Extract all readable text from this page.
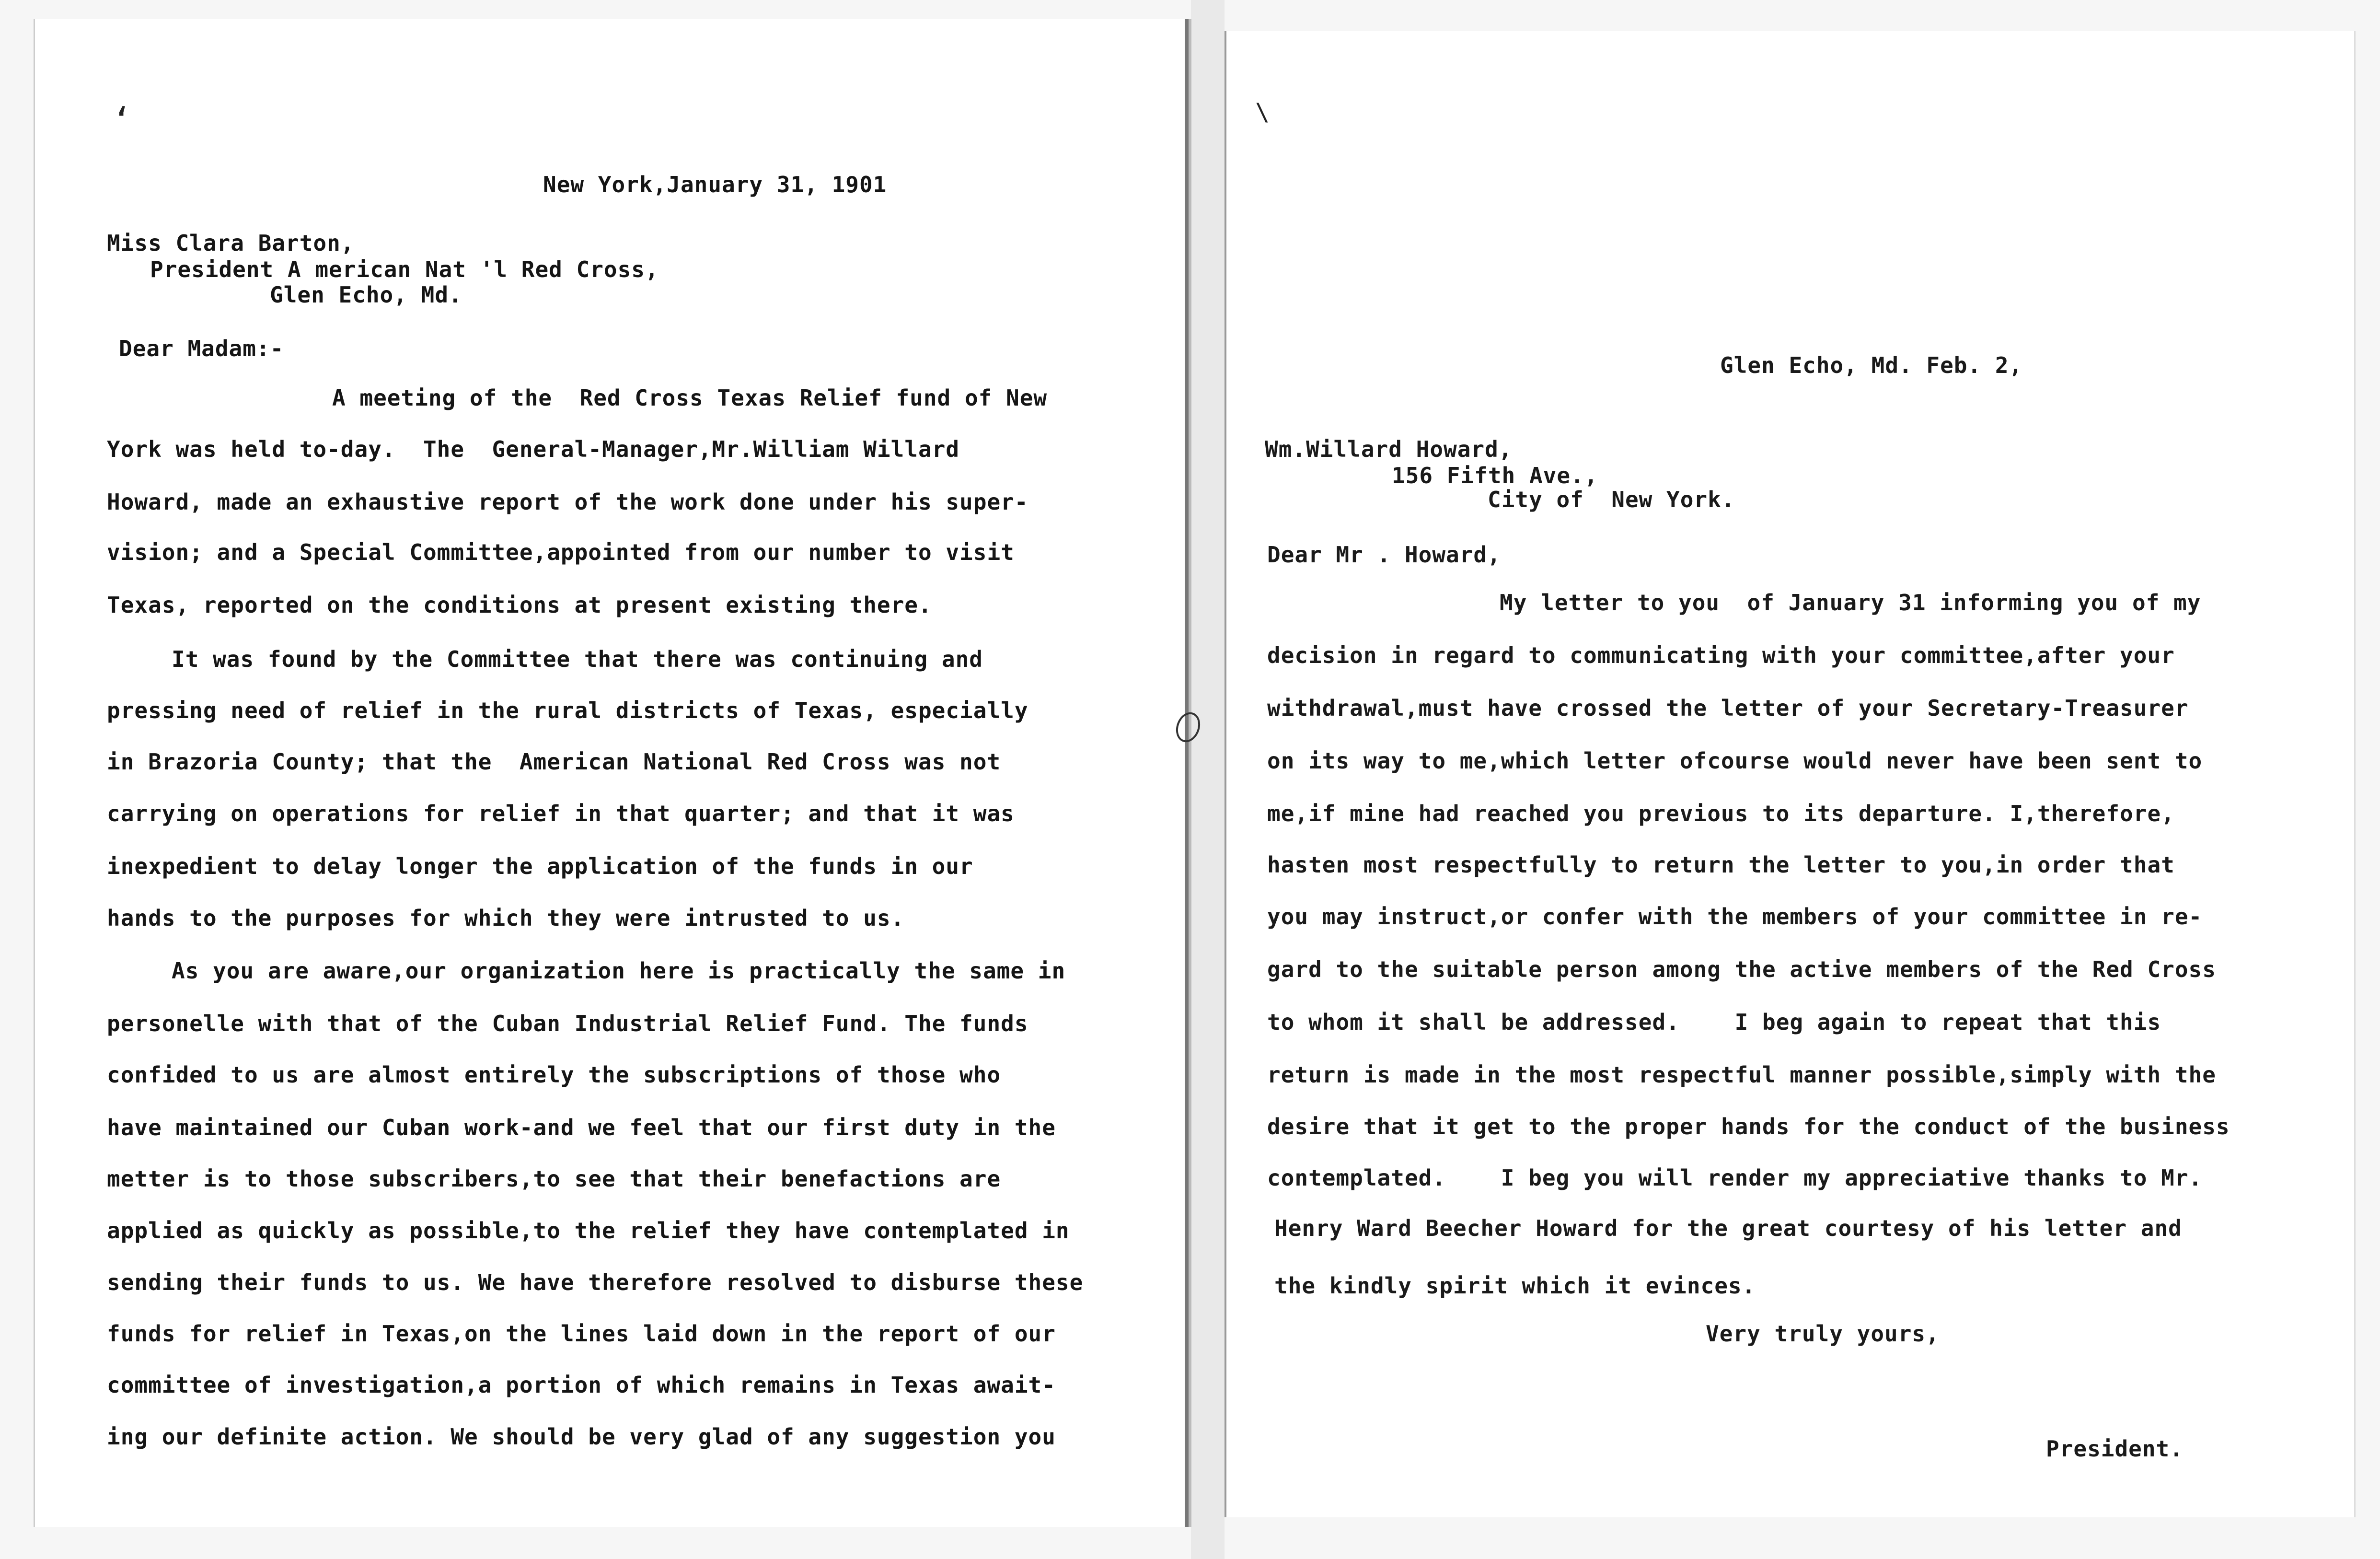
ʻ
New York,January 31, 1901
Miss Clara Barton,
President A merican Nat 'l Red Cross,
Glen Echo, Md.
Dear Madam:-
A meeting of the  Red Cross Texas Relief fund of New
York was held to-day.  The  General-Manager,Mr.William Willard
Howard, made an exhaustive report of the work done under his super-
vision; and a Special Committee,appointed from our number to visit
Texas, reported on the conditions at present existing there.
It was found by the Committee that there was continuing and
pressing need of relief in the rural districts of Texas, especially
in Brazoria County; that the  American National Red Cross was not
carrying on operations for relief in that quarter; and that it was
inexpedient to delay longer the application of the funds in our
hands to the purposes for which they were intrusted to us.
As you are aware,our organization here is practically the same in
personelle with that of the Cuban Industrial Relief Fund. The funds
confided to us are almost entirely the subscriptions of those who
have maintained our Cuban work-and we feel that our first duty in the
metter is to those subscribers,to see that their benefactions are
applied as quickly as possible,to the relief they have contemplated in
sending their funds to us. We have therefore resolved to disburse these
funds for relief in Texas,on the lines laid down in the report of our
committee of investigation,a portion of which remains in Texas await-
ing our definite action. We should be very glad of any suggestion you
\
Glen Echo, Md. Feb. 2,
Wm.Willard Howard,
156 Fifth Ave.,
City of  New York.
Dear Mr . Howard,
My letter to you  of January 31 informing you of my
decision in regard to communicating with your committee,after your
withdrawal,must have crossed the letter of your Secretary-Treasurer
on its way to me,which letter ofcourse would never have been sent to
me,if mine had reached you previous to its departure. I,therefore,
hasten most respectfully to return the letter to you,in order that
you may instruct,or confer with the members of your committee in re-
gard to the suitable person among the active members of the Red Cross
to whom it shall be addressed.    I beg again to repeat that this
return is made in the most respectful manner possible,simply with the
desire that it get to the proper hands for the conduct of the business
contemplated.    I beg you will render my appreciative thanks to Mr.
Henry Ward Beecher Howard for the great courtesy of his letter and
the kindly spirit which it evinces.
Very truly yours,
President.
